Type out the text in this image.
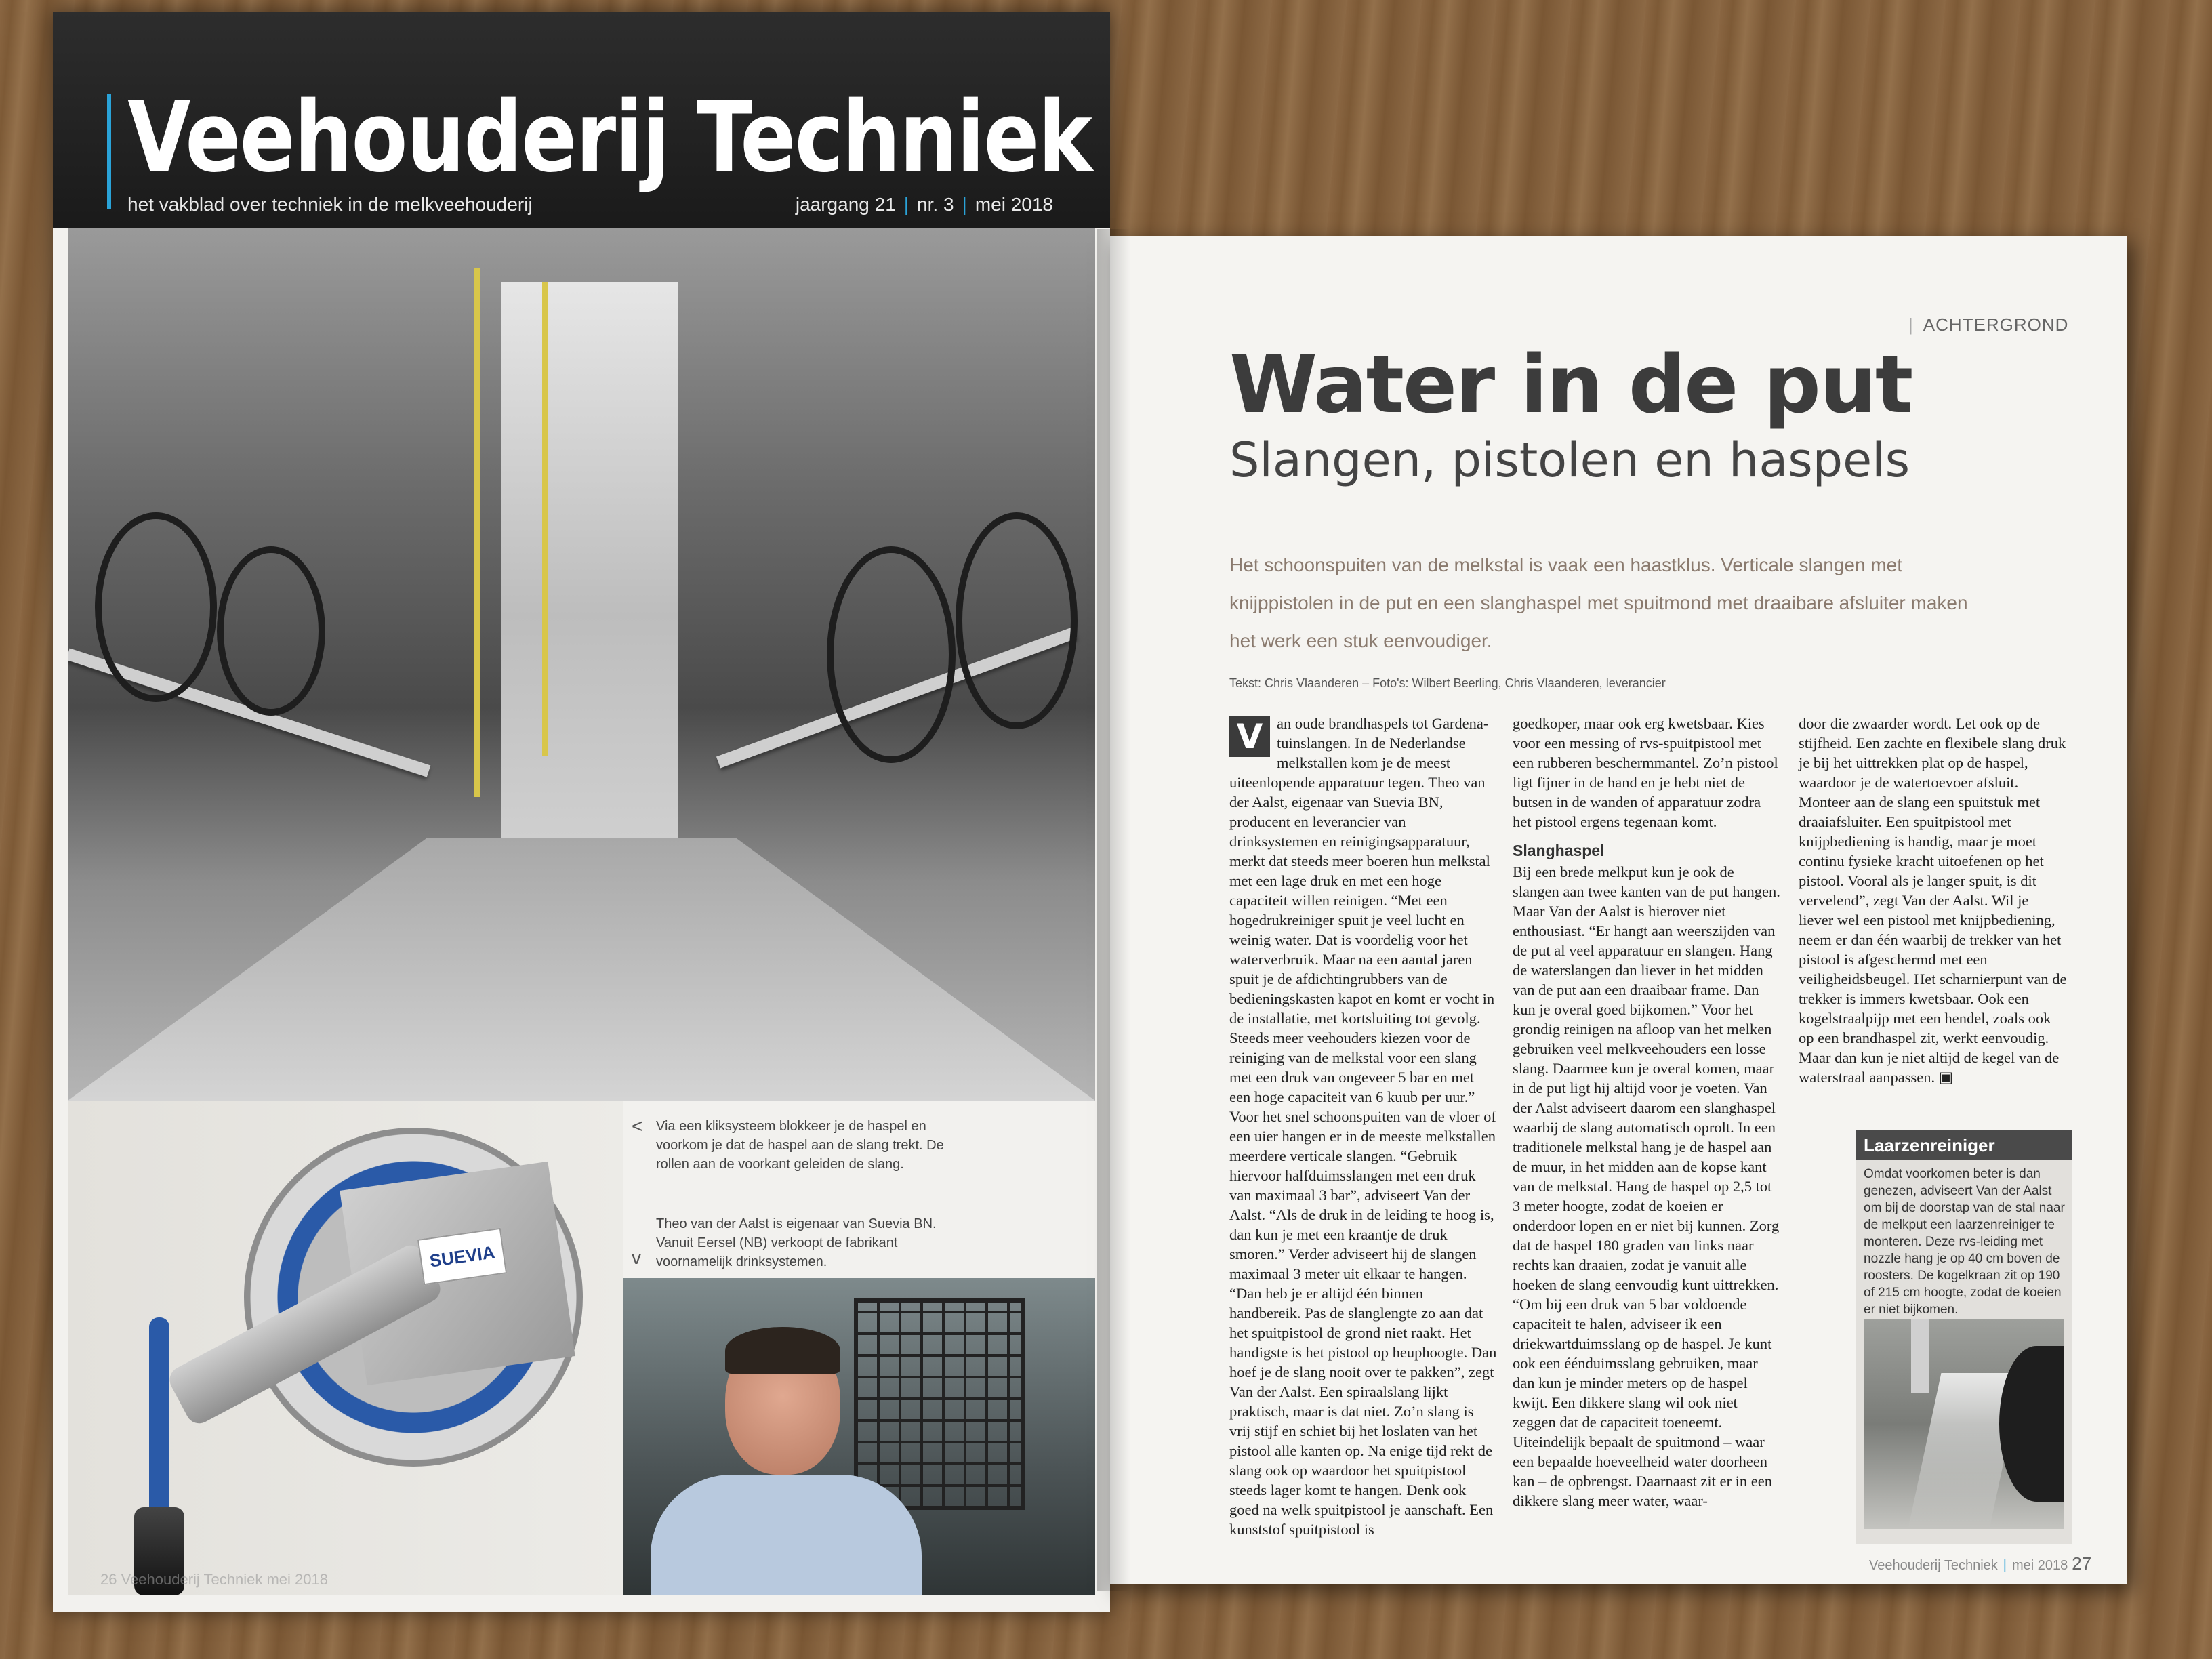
Veehouderij Techniek
het vakblad over techniek in de melkveehouderij	jaargang 21 | nr. 3 | mei 2018
SUEVIA
< Via een kliksysteem blokkeer je de haspel en voorkom je dat de haspel aan de slang trekt. De rollen aan de voorkant geleiden de slang.
v
Theo van der Aalst is eigenaar van Suevia BN. Vanuit Eersel (NB) verkoopt de fabrikant voornamelijk drinksystemen.
26 Veehouderij Techniek mei 2018
| ACHTERGROND
Water in de put
Slangen, pistolen en haspels
Het schoonspuiten van de melkstal is vaak een haastklus. Verticale slangen met knijppistolen in de put en een slanghaspel met spuitmond met draaibare afsluiter maken het werk een stuk eenvoudiger.
Tekst: Chris Vlaanderen – Foto's: Wilbert Beerling, Chris Vlaanderen, leverancier

V an oude brandhaspels tot Gardena-tuinslangen. In de Nederlandse melkstallen kom je de meest uiteenlopende apparatuur tegen. Theo van der Aalst, eigenaar van Suevia BN, producent en leverancier van drinksystemen en reinigingsapparatuur, merkt dat steeds meer boeren hun melkstal met een lage druk en met een hoge capaciteit willen reinigen. “Met een hogedrukreiniger spuit je veel lucht en weinig water. Dat is voordelig voor het waterverbruik. Maar na een aantal jaren spuit je de afdichtingrubbers van de bedieningskasten kapot en komt er vocht in de installatie, met kortsluiting tot gevolg. Steeds meer veehouders kiezen voor de reiniging van de melkstal voor een slang met een druk van ongeveer 5 bar en met een hoge capaciteit van 6 kuub per uur.” Voor het snel schoonspuiten van de vloer of een uier hangen er in de meeste melkstallen meerdere verticale slangen. “Gebruik hiervoor halfduimsslangen met een druk van maximaal 3 bar”, adviseert Van der Aalst. “Als de druk in de leiding te hoog is, dan kun je met een kraantje de druk smoren.” Verder adviseert hij de slangen maximaal 3 meter uit elkaar te hangen. “Dan heb je er altijd één binnen handbereik. Pas de slanglengte zo aan dat het spuitpistool de grond niet raakt. Het handigste is het pistool op heuphoogte. Dan hoef je de slang nooit over te pakken”, zegt Van der Aalst. Een spiraalslang lijkt praktisch, maar is dat niet. Zo’n slang is vrij stijf en schiet bij het loslaten van het pistool alle kanten op. Na enige tijd rekt de slang ook op waardoor het spuitpistool steeds lager komt te hangen. Denk ook goed na welk spuitpistool je aanschaft. Een kunststof spuitpistool is

goedkoper, maar ook erg kwetsbaar. Kies voor een messing of rvs-spuitpistool met een rubberen beschermmantel. Zo’n pistool ligt fijner in de hand en je hebt niet de butsen in de wanden of apparatuur zodra het pistool ergens tegenaan komt.

Slanghaspel

Bij een brede melkput kun je ook de slangen aan twee kanten van de put hangen. Maar Van der Aalst is hierover niet enthousiast. “Er hangt aan weerszijden van de put al veel apparatuur en slangen. Hang de waterslangen dan liever in het midden van de put aan een draaibaar frame. Dan kun je overal goed bijkomen.” Voor het grondig reinigen na afloop van het melken gebruiken veel melkveehouders een losse slang. Daarmee kun je overal komen, maar in de put ligt hij altijd voor je voeten. Van der Aalst adviseert daarom een slanghaspel waarbij de slang automatisch oprolt. In een traditionele melkstal hang je de haspel aan de muur, in het midden aan de kopse kant van de melkstal. Hang de haspel op 2,5 tot 3 meter hoogte, zodat de koeien er onderdoor lopen en er niet bij kunnen. Zorg dat de haspel 180 graden van links naar rechts kan draaien, zodat je vanuit alle hoeken de slang eenvoudig kunt uittrekken. “Om bij een druk van 5 bar voldoende capaciteit te halen, adviseer ik een driekwartduimsslang op de haspel. Je kunt ook een éénduimsslang gebruiken, maar dan kun je minder meters op de haspel kwijt. Een dikkere slang wil ook niet zeggen dat de capaciteit toeneemt. Uiteindelijk bepaalt de spuitmond – waar een bepaalde hoeveelheid water doorheen kan – de opbrengst. Daarnaast zit er in een dikkere slang meer water, waar-

door die zwaarder wordt. Let ook op de stijfheid. Een zachte en flexibele slang druk je bij het uittrekken plat op de haspel, waardoor je de watertoevoer afsluit. Monteer aan de slang een spuitstuk met draaiafsluiter. Een spuitpistool met knijpbediening is handig, maar je moet continu fysieke kracht uitoefenen op het pistool. Vooral als je langer spuit, is dit vervelend”, zegt Van der Aalst. Wil je liever wel een pistool met knijpbediening, neem er dan één waarbij de trekker van het pistool is afgeschermd met een veiligheidsbeugel. Het scharnierpunt van de trekker is immers kwetsbaar. Ook een kogelstraalpijp met een hendel, zoals ook op een brandhaspel zit, werkt eenvoudig. Maar dan kun je niet altijd de kegel van de waterstraal aanpassen. ▣

Laarzenreiniger
Omdat voorkomen beter is dan genezen, adviseert Van der Aalst om bij de doorstap van de stal naar de melkput een laarzenreiniger te monteren. Deze rvs-leiding met nozzle hang je op 40 cm boven de roosters. De kogelkraan zit op 190 of 215 cm hoogte, zodat de koeien er niet bijkomen.
Veehouderij Techniek | mei 2018 27
